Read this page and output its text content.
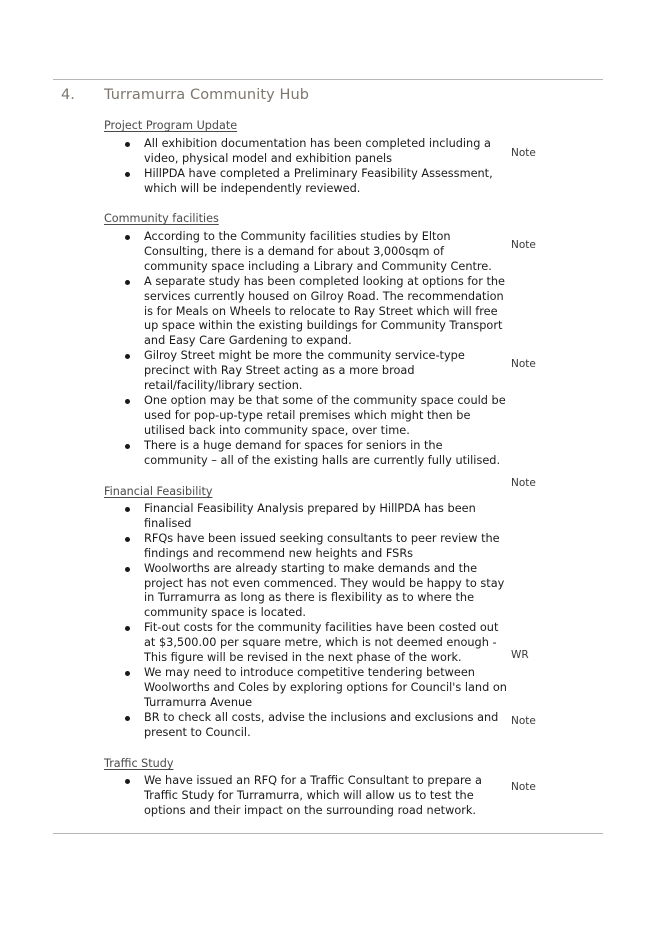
4. Turramurra Community Hub
Project Program Update
All exhibition documentation has been completed including a video, physical model and exhibition panels
HillPDA have completed a Preliminary Feasibility Assessment, which will be independently reviewed.
Community facilities
According to the Community facilities studies by Elton Consulting, there is a demand for about 3,000sqm of community space including a Library and Community Centre.
A separate study has been completed looking at options for the services currently housed on Gilroy Road. The recommendation is for Meals on Wheels to relocate to Ray Street which will free up space within the existing buildings for Community Transport and Easy Care Gardening to expand.
Gilroy Street might be more the community service-type precinct with Ray Street acting as a more broad retail/facility/library section.
One option may be that some of the community space could be used for pop-up-type retail premises which might then be utilised back into community space, over time.
There is a huge demand for spaces for seniors in the community – all of the existing halls are currently fully utilised.
Financial Feasibility
Financial Feasibility Analysis prepared by HillPDA has been finalised
RFQs have been issued seeking consultants to peer review the findings and recommend new heights and FSRs
Woolworths are already starting to make demands and the project has not even commenced. They would be happy to stay in Turramurra as long as there is flexibility as to where the community space is located.
Fit-out costs for the community facilities have been costed out at $3,500.00 per square metre, which is not deemed enough - This figure will be revised in the next phase of the work.
We may need to introduce competitive tendering between Woolworths and Coles by exploring options for Council's land on Turramurra Avenue
BR to check all costs, advise the inclusions and exclusions and present to Council.
Traffic Study
We have issued an RFQ for a Traffic Consultant to prepare a Traffic Study for Turramurra, which will allow us to test the options and their impact on the surrounding road network.
Note
Note
Note
Note
WR
Note
Note
